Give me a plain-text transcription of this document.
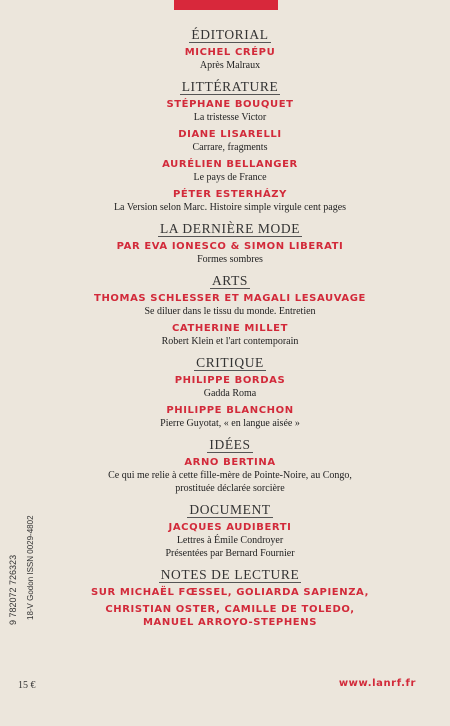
ÉDITORIAL
MICHEL CRÉPU
Après Malraux
LITTÉRATURE
STÉPHANE BOUQUET
La tristesse Victor
DIANE LISARELLI
Carrare, fragments
AURÉLIEN BELLANGER
Le pays de France
PÉTER ESTERHÁZY
La Version selon Marc. Histoire simple virgule cent pages
LA DERNIÈRE MODE
PAR EVA IONESCO & SIMON LIBERATI
Formes sombres
ARTS
THOMAS SCHLESSER ET MAGALI LESAUVAGE
Se diluer dans le tissu du monde. Entretien
CATHERINE MILLET
Robert Klein et l'art contemporain
CRITIQUE
PHILIPPE BORDAS
Gadda Roma
PHILIPPE BLANCHON
Pierre Guyotat, « en langue aisée »
IDÉES
ARNO BERTINA
Ce qui me relie à cette fille-mère de Pointe-Noire, au Congo,
prostituée déclarée sorcière
DOCUMENT
JACQUES AUDIBERTI
Lettres à Émile Condroyer
Présentées par Bernard Fournier
NOTES DE LECTURE
SUR MICHAËL FŒSSEL, GOLIARDA SAPIENZA,
CHRISTIAN OSTER, CAMILLE DE TOLEDO, MANUEL ARROYO-STEPHENS
9 782072 726323 18-V Godon ISSN 0029-4802
15 €	www.lanrf.fr
